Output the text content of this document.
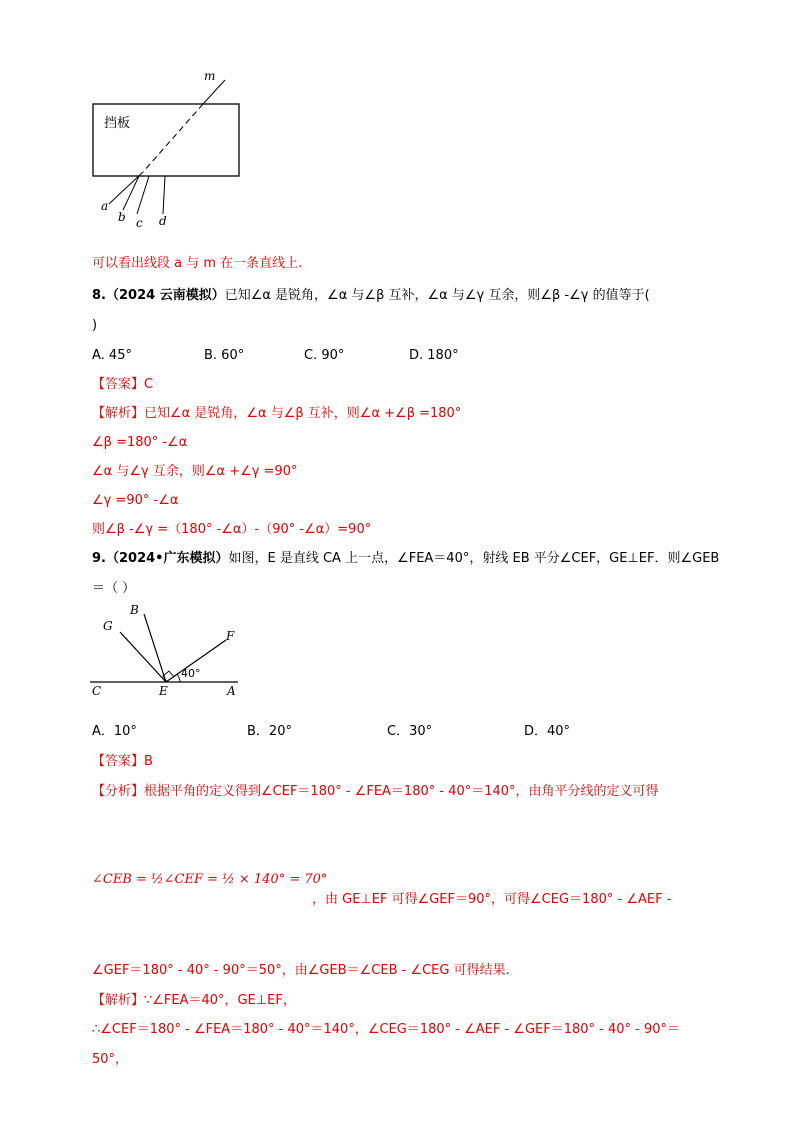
m
挡板
a
b c d
可以看出线段 a 与 m 在一条直线上.
8.（2024 云南模拟）已知∠α 是锐角，∠α 与∠β 互补，∠α 与∠γ 互余，则∠β -∠γ 的值等于(
)
A. 45°	B. 60°	C. 90°	D. 180°
【答案】C
【解析】已知∠α 是锐角，∠α 与∠β 互补，则∠α +∠β =180°
∠β =180° -∠α
∠α 与∠γ 互余，则∠α +∠γ =90°
∠γ =90° -∠α
则∠β -∠γ =（180° -∠α）-（90° -∠α）=90°
9.（2024•广东模拟）如图，E 是直线 CA 上一点，∠FEA＝40°，射线 EB 平分∠CEF，GE⊥EF．则∠GEB
＝（ ）
G
B
F
40°
C	E	A
A．10°	B．20°	C．30°	D．40°
【答案】B
【分析】根据平角的定义得到∠CEF＝180° - ∠FEA＝180° - 40°＝140°，由角平分线的定义可得
∠CEB = ½∠CEF = ½ × 140° = 70°
，由 GE⊥EF 可得∠GEF＝90°，可得∠CEG＝180° - ∠AEF -
∠GEF＝180° - 40° - 90°＝50°，由∠GEB＝∠CEB - ∠CEG 可得结果.
【解析】∵∠FEA＝40°，GE⊥EF，
∴∠CEF＝180° - ∠FEA＝180° - 40°＝140°，∠CEG＝180° - ∠AEF - ∠GEF＝180° - 40° - 90°＝
50°，
